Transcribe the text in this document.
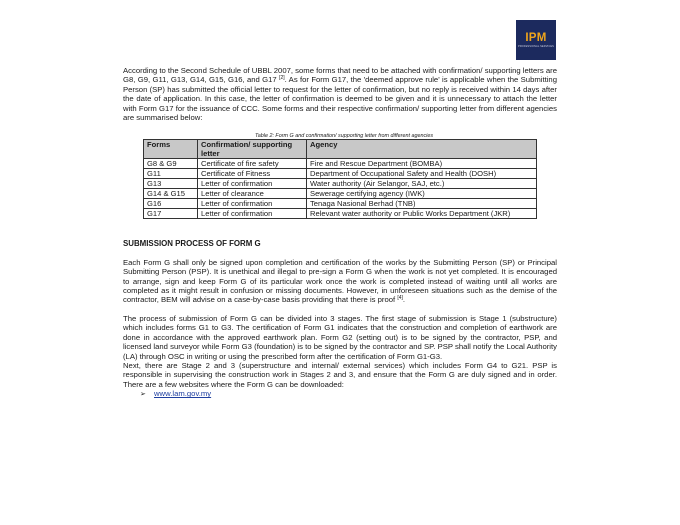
IPM
PROFESSIONAL SERVICES

According to the Second Schedule of UBBL 2007, some forms that need to be attached with confirmation/ supporting letters are G8, G9, G11, G13, G14, G15, G16, and G17 [2]. As for Form G17, the 'deemed approve rule' is applicable when the Submitting Person (SP) has submitted the official letter to request for the letter of confirmation, but no reply is received within 14 days after the date of application. In this case, the letter of confirmation is deemed to be given and it is unnecessary to attach the letter with Form G17 for the issuance of CCC. Some forms and their respective confirmation/ supporting letter from different agencies are summarised below:

Table 2: Form G and confirmation/ supporting letter from different agencies
Forms	Confirmation/ supporting letter	Agency
G8 & G9	Certificate of fire safety	Fire and Rescue Department (BOMBA)
G11	Certificate of Fitness	Department of Occupational Safety and Health (DOSH)
G13	Letter of confirmation	Water authority (Air Selangor, SAJ, etc.)
G14 & G15	Letter of clearance	Sewerage certifying agency (IWK)
G16	Letter of confirmation	Tenaga Nasional Berhad (TNB)
G17	Letter of confirmation	Relevant water authority or Public Works Department (JKR)
SUBMISSION PROCESS OF FORM G

Each Form G shall only be signed upon completion and certification of the works by the Submitting Person (SP) or Principal Submitting Person (PSP). It is unethical and illegal to pre-sign a Form G when the work is not yet completed. It is encouraged to arrange, sign and keep Form G of its particular work once the work is completed instead of waiting until all works are completed as it might result in confusion or missing documents. However, in unforeseen situations such as the demise of the contractor, BEM will advise on a case-by-case basis providing that there is proof [4].

The process of submission of Form G can be divided into 3 stages. The first stage of submission is Stage 1 (substructure) which includes forms G1 to G3. The certification of Form G1 indicates that the construction and completion of earthwork are done in accordance with the approved earthwork plan. Form G2 (setting out) is to be signed by the contractor, PSP, and licensed land surveyor while Form G3 (foundation) is to be signed by the contractor and SP. PSP shall notify the Local Authority (LA) through OSC in writing or using the prescribed form after the certification of Form G1-G3.

Next, there are Stage 2 and 3 (superstructure and internal/ external services) which includes Form G4 to G21. PSP is responsible in supervising the construction work in Stages 2 and 3, and ensure that the Form G are duly signed and in order. There are a few websites where the Form G can be downloaded:

➢ www.lam.gov.my
